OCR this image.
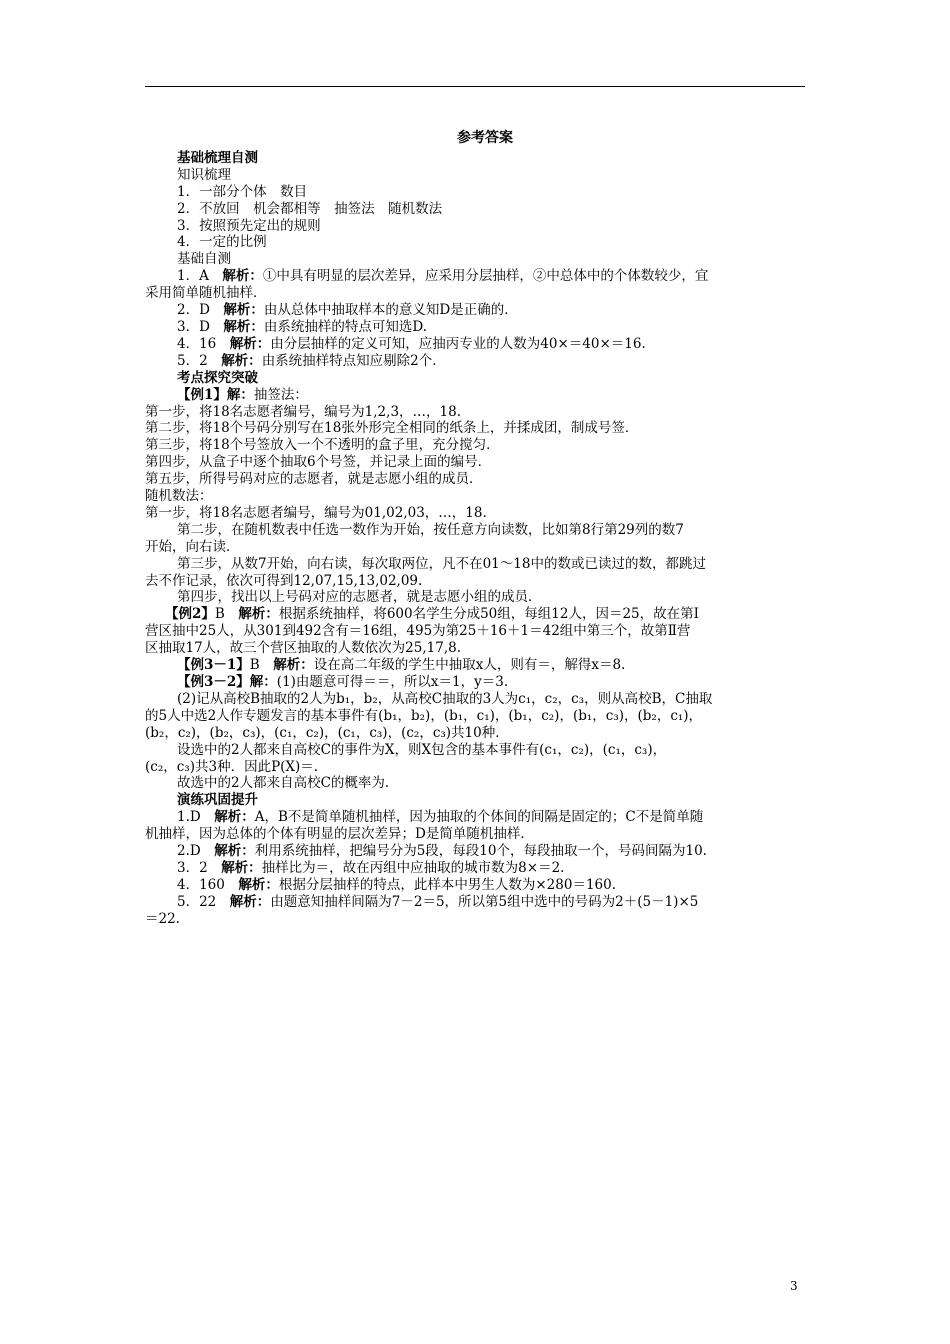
参考答案

基础梳理自测

知识梳理

1．一部分个体　数目

2．不放回　机会都相等　抽签法　随机数法

3．按照预先定出的规则

4．一定的比例

基础自测

1．A　解析：①中具有明显的层次差异，应采用分层抽样，②中总体中的个体数较少，宜

采用简单随机抽样．

2．D　解析：由从总体中抽取样本的意义知D是正确的．

3．D　解析：由系统抽样的特点可知选D.

4．16　解析：由分层抽样的定义可知，应抽丙专业的人数为40×＝40×＝16.

5．2　解析：由系统抽样特点知应剔除2个．

考点探究突破

【例1】解：抽签法：

第一步，将18名志愿者编号，编号为1,2,3，…，18.

第二步，将18个号码分别写在18张外形完全相同的纸条上，并揉成团，制成号签．

第三步，将18个号签放入一个不透明的盒子里，充分搅匀．

第四步，从盒子中逐个抽取6个号签，并记录上面的编号．

第五步，所得号码对应的志愿者，就是志愿小组的成员．

随机数法：

第一步，将18名志愿者编号，编号为01,02,03，…，18.

第二步，在随机数表中任选一数作为开始，按任意方向读数，比如第8行第29列的数7

开始，向右读．

第三步，从数7开始，向右读，每次取两位，凡不在01～18中的数或已读过的数，都跳过

去不作记录，依次可得到12,07,15,13,02,09.

第四步，找出以上号码对应的志愿者，就是志愿小组的成员．

【例2】B　解析：根据系统抽样，将600名学生分成50组，每组12人，因＝25，故在第Ⅰ

营区抽中25人，从301到492含有＝16组，495为第25＋16＋1＝42组中第三个，故第Ⅱ营

区抽取17人，故三个营区抽取的人数依次为25,17,8.

【例3－1】B　解析：设在高二年级的学生中抽取x人，则有＝，解得x＝8.

【例3－2】解：(1)由题意可得＝＝，所以x＝1，y＝3.

(2)记从高校B抽取的2人为b₁，b₂，从高校C抽取的3人为c₁，c₂，c₃，则从高校B，C抽取

的5人中选2人作专题发言的基本事件有(b₁，b₂)，(b₁，c₁)，(b₁，c₂)，(b₁，c₃)，(b₂，c₁)，

(b₂，c₂)，(b₂，c₃)，(c₁，c₂)，(c₁，c₃)，(c₂，c₃)共10种．

设选中的2人都来自高校C的事件为X，则X包含的基本事件有(c₁，c₂)，(c₁，c₃)，

(c₂，c₃)共3种．因此P(X)＝.

故选中的2人都来自高校C的概率为.

演练巩固提升

1.D　解析：A，B不是简单随机抽样，因为抽取的个体间的间隔是固定的；C不是简单随

机抽样，因为总体的个体有明显的层次差异；D是简单随机抽样．

2.D　解析：利用系统抽样，把编号分为5段，每段10个，每段抽取一个，号码间隔为10.

3．2　解析：抽样比为＝，故在丙组中应抽取的城市数为8×＝2.

4．160　解析：根据分层抽样的特点，此样本中男生人数为×280＝160.

5．22　解析：由题意知抽样间隔为7－2＝5，所以第5组中选中的号码为2＋(5－1)×5

＝22.

3
